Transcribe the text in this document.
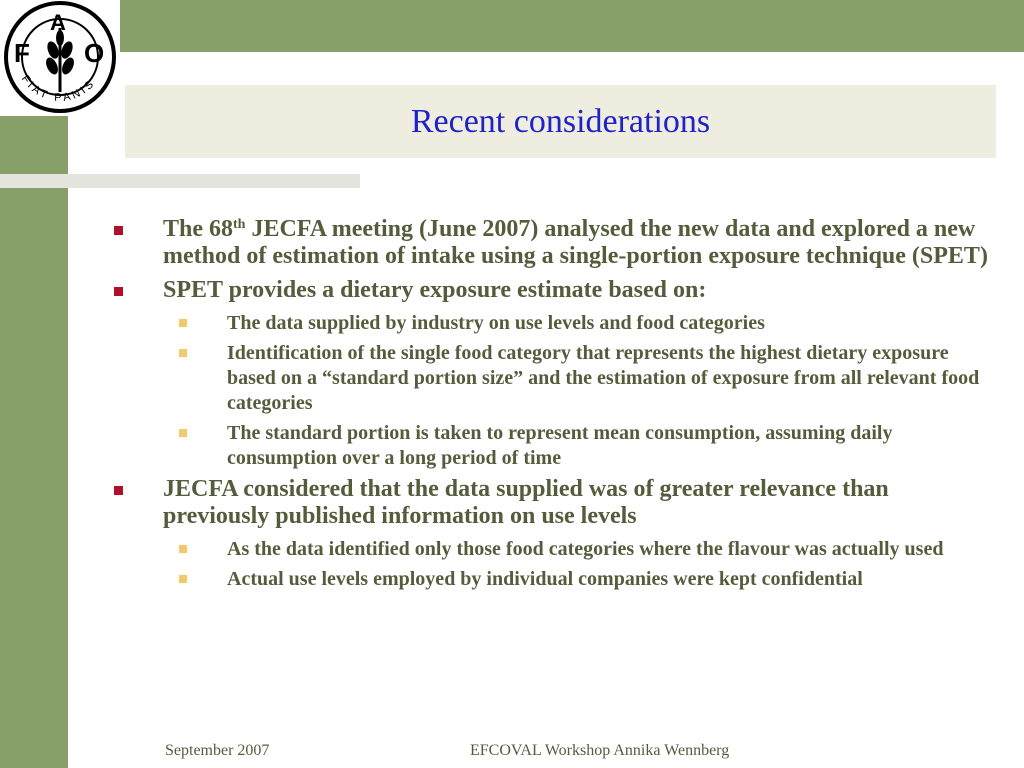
F
A
O
FIAT PANIS
Recent considerations
The 68th JECFA meeting (June 2007) analysed the new data and explored a new method of estimation of intake using a single-portion exposure technique (SPET)
SPET provides a dietary exposure estimate based on:
The data supplied by industry on use levels and food categories
Identification of the single food category that represents the highest dietary exposure based on a “standard portion size” and the estimation of exposure from all relevant food categories
The standard portion is taken to represent mean consumption, assuming daily consumption over a long period of time
JECFA considered that the data supplied was of greater relevance than previously published information on use levels
As the data identified only those food categories where the flavour was actually used
Actual use levels employed by individual companies were kept confidential
September 2007	EFCOVAL Workshop Annika Wennberg
